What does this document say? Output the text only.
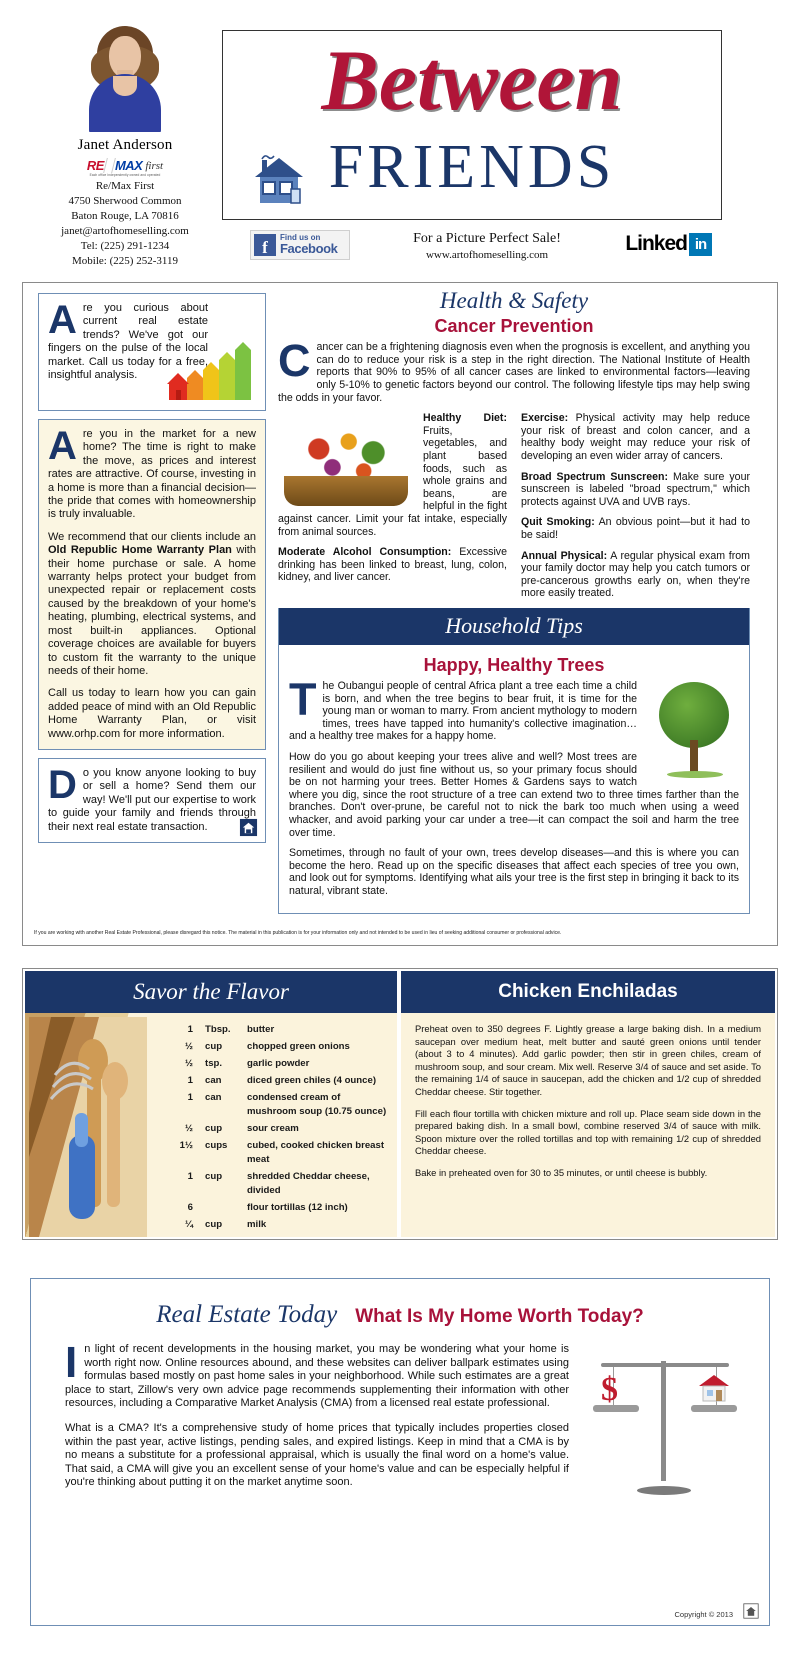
Janet Anderson
RE MAX first
Each office independently owned and operated
Re/Max First
4750 Sherwood Common
Baton Rouge, LA 70816
janet@artofhomeselling.com
Tel: (225) 291-1234
Mobile: (225) 252-3119
Between
FRIENDS
f
Find us on
Facebook
For a Picture Perfect Sale!
www.artofhomeselling.com	Linked in
Are you curious about current real estate trends? We've got our fingers on the pulse of the local market. Call us today for a free, insightful analysis.

Are you in the market for a new home? The time is right to make the move, as prices and interest rates are attractive. Of course, investing in a home is more than a financial decision—the pride that comes with homeownership is truly invaluable.

We recommend that our clients include an Old Republic Home Warranty Plan with their home purchase or sale. A home warranty helps protect your budget from unexpected repair or replacement costs caused by the breakdown of your home's heating, plumbing, electrical systems, and most built-in appliances. Optional coverage choices are available for buyers to custom fit the warranty to the unique needs of their home.

Call us today to learn how you can gain added peace of mind with an Old Republic Home Warranty Plan, or visit www.orhp.com for more information.

Do you know anyone looking to buy or sell a home? Send them our way! We'll put our expertise to work to guide your family and friends through their next real estate transaction.
Health & Safety
Cancer Prevention

Cancer can be a frightening diagnosis even when the prognosis is excellent, and anything you can do to reduce your risk is a step in the right direction. The National Institute of Health reports that 90% to 95% of all cancer cases are linked to environmental factors—leaving only 5-10% to genetic factors beyond our control. The following lifestyle tips may help swing the odds in your favor.

Healthy Diet: Fruits, vegetables, and plant based foods, such as whole grains and beans, are helpful in the fight against cancer. Limit your fat intake, especially from animal sources.

Moderate Alcohol Consumption: Excessive drinking has been linked to breast, lung, colon, kidney, and liver cancer.

Exercise: Physical activity may help reduce your risk of breast and colon cancer, and a healthy body weight may reduce your risk of developing an even wider array of cancers.

Broad Spectrum Sunscreen: Make sure your sunscreen is labeled "broad spectrum," which protects against UVA and UVB rays.

Quit Smoking: An obvious point—but it had to be said!

Annual Physical: A regular physical exam from your family doctor may help you catch tumors or pre-cancerous growths early on, when they're more easily treated.

Household Tips
Happy, Healthy Trees

The Oubangui people of central Africa plant a tree each time a child is born, and when the tree begins to bear fruit, it is time for the young man or woman to marry. From ancient mythology to modern times, trees have tapped into humanity's collective imagination… and a healthy tree makes for a happy home.

How do you go about keeping your trees alive and well? Most trees are resilient and would do just fine without us, so your primary focus should be on not harming your trees. Better Homes & Gardens says to watch where you dig, since the root structure of a tree can extend two to three times farther than the branches. Don't over-prune, be careful not to nick the bark too much when using a weed whacker, and avoid parking your car under a tree—it can compact the soil and harm the tree over time.

Sometimes, through no fault of your own, trees develop diseases—and this is where you can become the hero. Read up on the specific diseases that affect each species of tree you own, and look out for symptoms. Identifying what ails your tree is the first step in bringing it back to its natural, vibrant state.

If you are working with another Real Estate Professional, please disregard this notice. The material in this publication is for your information only and not intended to be used in lieu of seeking additional consumer or professional advice.
Savor the Flavor
1	Tbsp.	butter
½	cup	chopped green onions
½	tsp.	garlic powder
1	can	diced green chiles (4 ounce)
1	can	condensed cream of mushroom soup (10.75 ounce)
½	cup	sour cream
1½	cups	cubed, cooked chicken breast meat
1	cup	shredded Cheddar cheese, divided
6	flour tortillas (12 inch)
¼	cup	milk
Chicken Enchiladas

Preheat oven to 350 degrees F. Lightly grease a large baking dish. In a medium saucepan over medium heat, melt butter and sauté green onions until tender (about 3 to 4 minutes). Add garlic powder; then stir in green chiles, cream of mushroom soup, and sour cream. Mix well. Reserve 3/4 of sauce and set aside. To the remaining 1/4 of sauce in saucepan, add the chicken and 1/2 cup of shredded Cheddar cheese. Stir together.

Fill each flour tortilla with chicken mixture and roll up. Place seam side down in the prepared baking dish. In a small bowl, combine reserved 3/4 of sauce with milk. Spoon mixture over the rolled tortillas and top with remaining 1/2 cup of shredded Cheddar cheese.

Bake in preheated oven for 30 to 35 minutes, or until cheese is bubbly.

Real Estate Today What Is My Home Worth Today?
$

In light of recent developments in the housing market, you may be wondering what your home is worth right now. Online resources abound, and these websites can deliver ballpark estimates using formulas based mostly on past home sales in your neighborhood. While such estimates are a great place to start, Zillow's very own advice page recommends supplementing their information with other resources, including a Comparative Market Analysis (CMA) from a licensed real estate professional.

What is a CMA? It's a comprehensive study of home prices that typically includes properties closed within the past year, active listings, pending sales, and expired listings. Keep in mind that a CMA is by no means a substitute for a professional appraisal, which is usually the final word on a home's value. That said, a CMA will give you an excellent sense of your home's value and can be especially helpful if you're thinking about putting it on the market anytime soon.

Copyright © 2013
